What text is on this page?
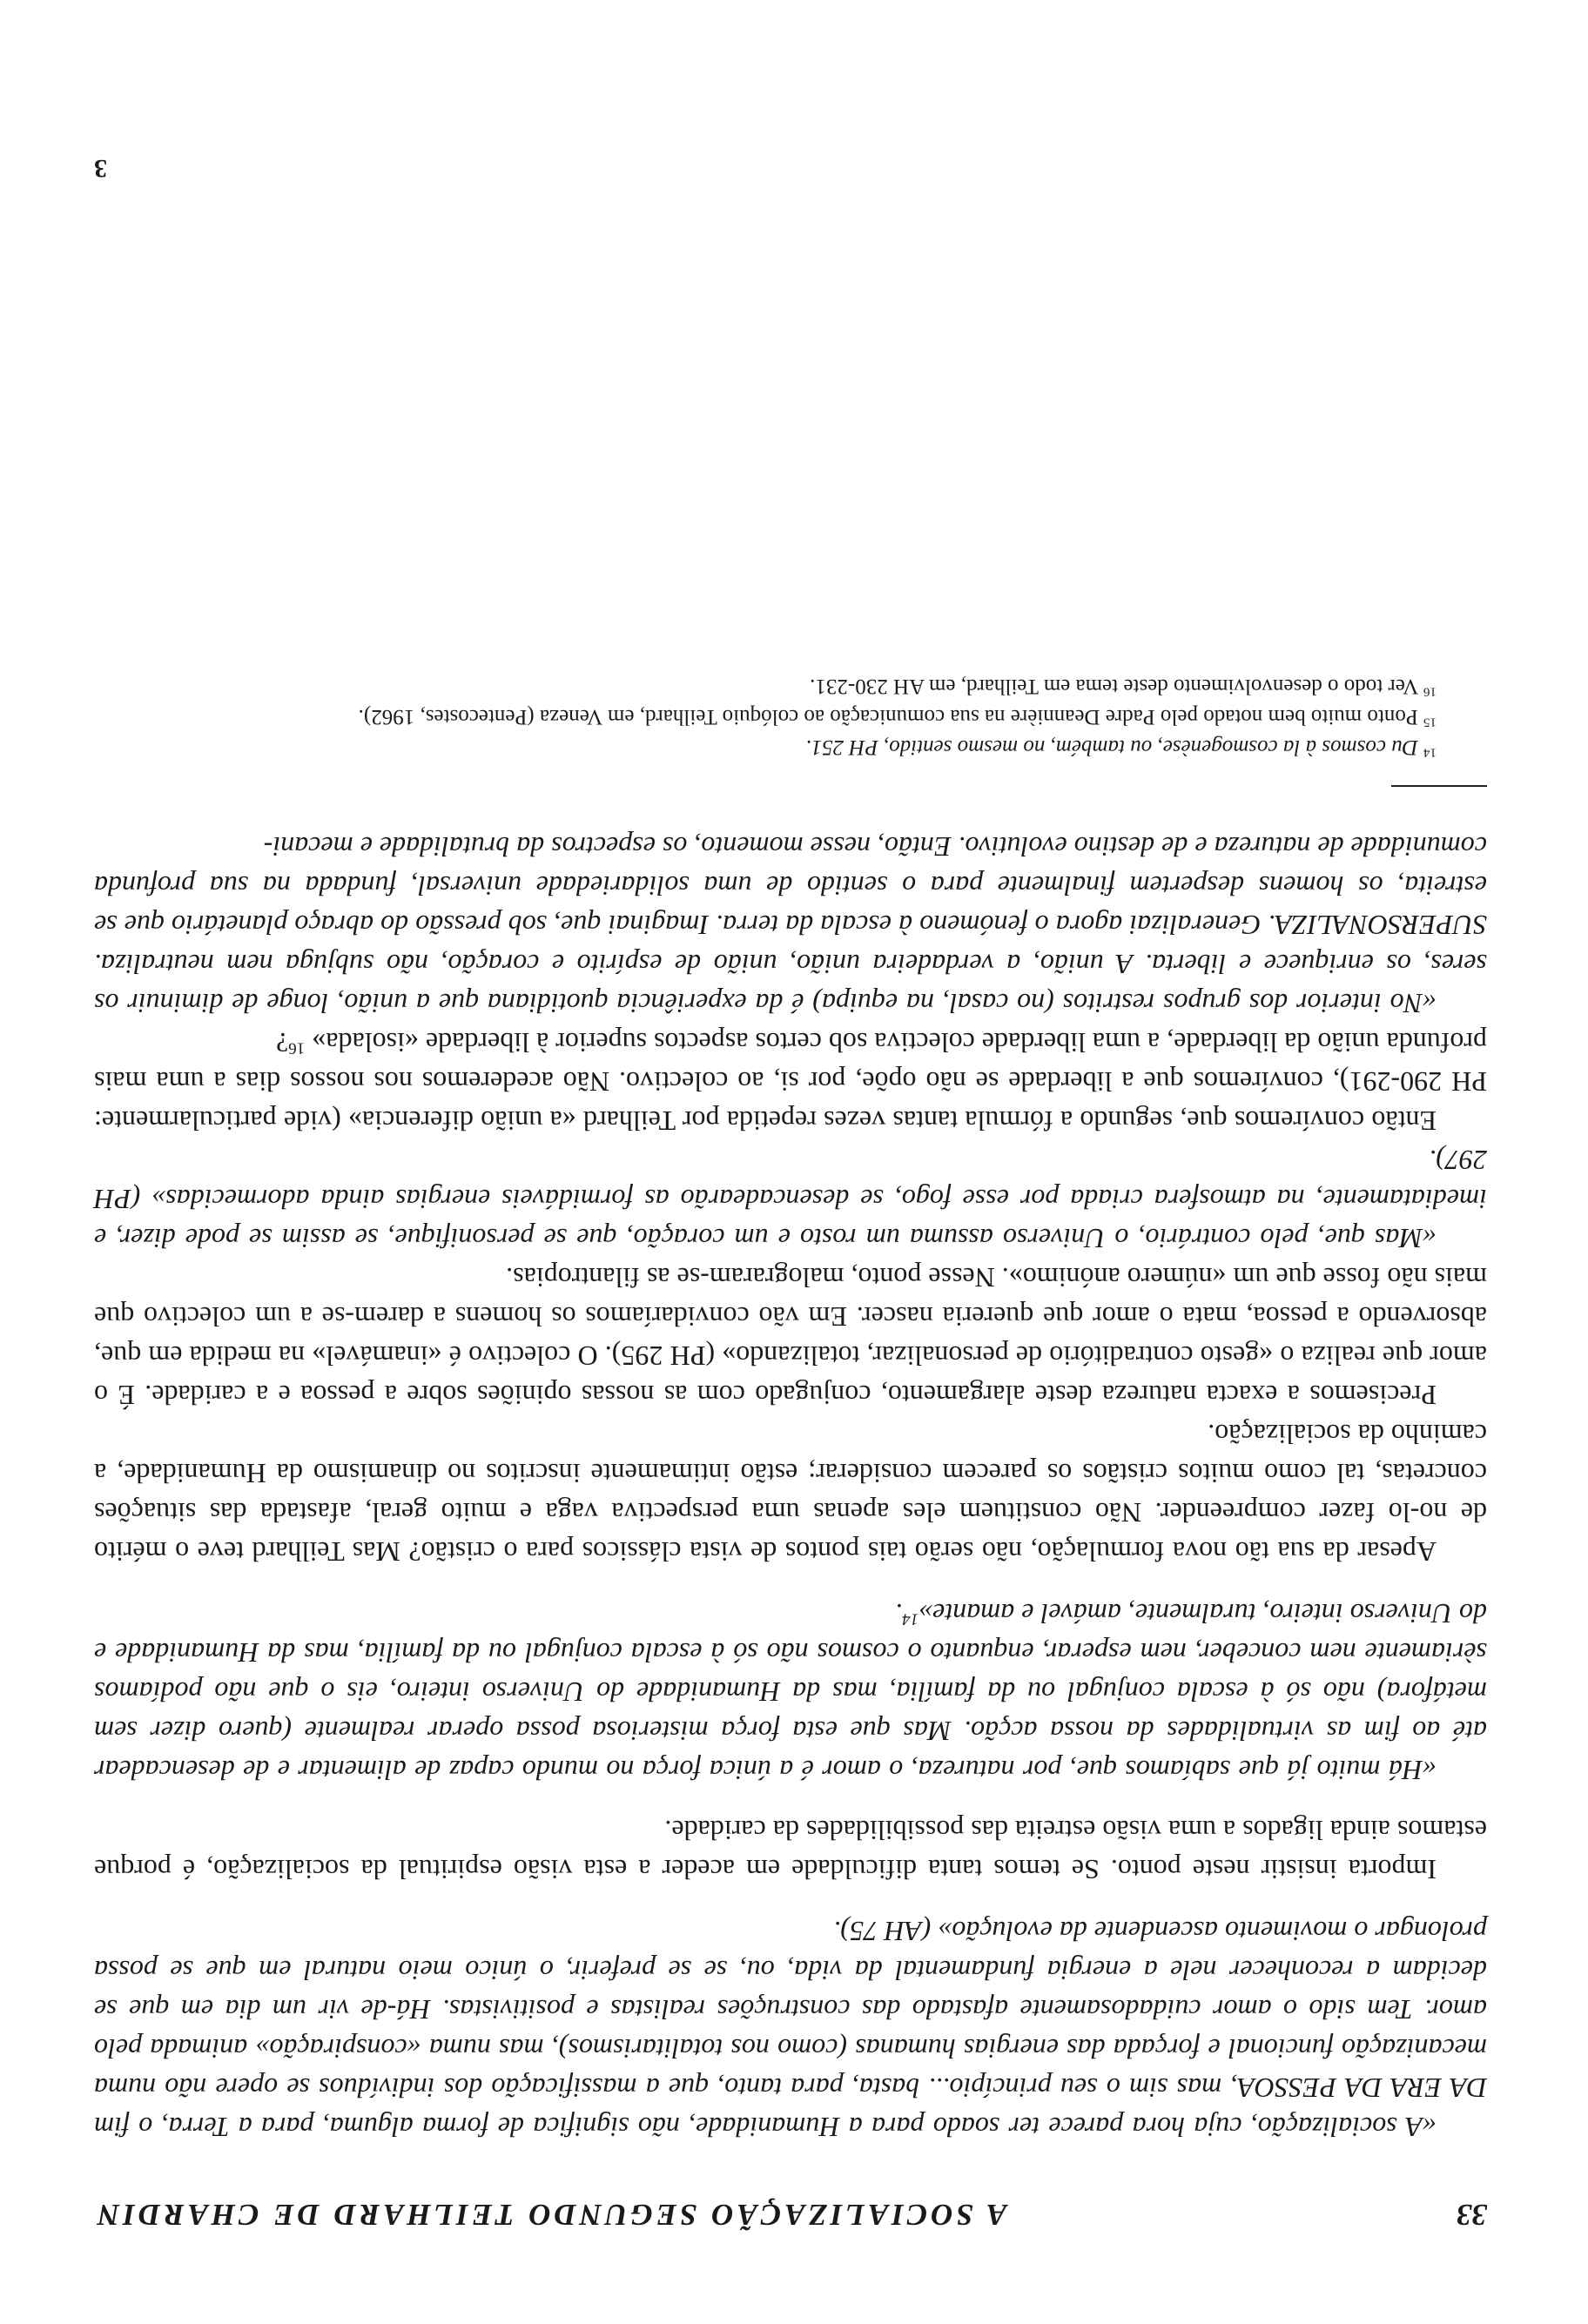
33
A SOCIALIZAÇÃO SEGUNDO TEILHARD DE CHARDIN

«A socialização, cuja hora parece ter soado para a Humanidade, não significa de forma alguma, para a Terra, o fim DA ERA DA PESSOA, mas sim o seu princípio... basta, para tanto, que a massificação dos indivíduos se opere não numa mecanização funcional e forçada das energias humanas (como nos totalitarismos), mas numa «conspiração» animada pelo amor. Tem sido o amor cuidadosamente afastado das construções realistas e positivistas. Há-de vir um dia em que se decidam a reconhecer nele a energia fundamental da vida, ou, se se preferir, o único meio natural em que se possa prolongar o movimento ascendente da evolução» (AH 75).

Importa insistir neste ponto. Se temos tanta dificuldade em aceder a esta visão espiritual da socialização, é porque estamos ainda ligados a uma visão estreita das possibilidades da caridade.

«Há muito já que sabíamos que, por natureza, o amor é a única força no mundo capaz de alimentar e de desencadear até ao fim as virtualidades da nossa acção. Mas que esta força misteriosa possa operar realmente (quero dizer sem metáfora) não só à escala conjugal ou da família, mas da Humanidade do Universo inteiro, eis o que não podíamos sèriamente nem conceber, nem esperar, enquanto o cosmos não só à escala conjugal ou da família, mas da Humanidade e do Universo inteiro, turalmente, amável e amante»$^{14}$.

Apesar da sua tão nova formulação, não serão tais pontos de vista clássicos para o cristão? Mas Teilhard teve o mérito de no-lo fazer compreender. Não constituem eles apenas uma perspectiva vaga e muito geral, afastada das situações concretas, tal como muitos cristãos os parecem considerar; estão intimamente inscritos no dinamismo da Humanidade, a caminho da socialização.

Precisemos a exacta natureza deste alargamento, conjugado com as nossas opiniões sobre a pessoa e a caridade. É o amor que realiza o «gesto contraditório de personalizar, totalizando» (PH 295). O colectivo é «inamável» na medida em que, absorvendo a pessoa, mata o amor que quereria nascer. Em vão convidaríamos os homens a darem-se a um colectivo que mais não fosse que um «número anónimo». Nesse ponto, malograram-se as filantropias.

«Mas que, pelo contrário, o Universo assuma um rosto e um coração, que se personifique, se assim se pode dizer, e imediatamente, na atmosfera criada por esse fogo, se desencadearão as formidáveis energias ainda adormecidas» (PH 297).

Então convíremos que, segundo a fórmula tantas vezes repetida por Teilhard «a união diferencia» (vide particularmente: PH 290-291), convíremos que a liberdade se não opõe, por si, ao colectivo. Não acederemos nos nossos dias a uma mais profunda união da liberdade, a uma liberdade colectiva sob certos aspectos superior à liberdade «isolada» $^{16}$?

«No interior dos grupos restritos (no casal, na equipa) é da experiência quotidiana que a união, longe de diminuir os seres, os enriquece e liberta. A união, a verdadeira união, união de espírito e coração, não subjuga nem neutraliza. SUPERSONALIZA. Generalizai agora o fenómeno à escala da terra. Imaginai que, sob pressão do abraço planetário que se estreita, os homens despertem finalmente para o sentido de uma solidariedade universal, fundada na sua profunda comunidade de natureza e de destino evolutivo. Então, nesse momento, os espectros da brutalidade e mecani-

$^{14}$ Du cosmos à la cosmogenèse, ou também, no mesmo sentido, PH 251.

$^{15}$ Ponto muito bem notado pelo Padre Deannière na sua comunicação ao colóquio Teilhard, em Veneza (Pentecostes, 1962).

$^{16}$ Ver todo o desenvolvimento deste tema em Teilhard, em AH 230-231.

3
